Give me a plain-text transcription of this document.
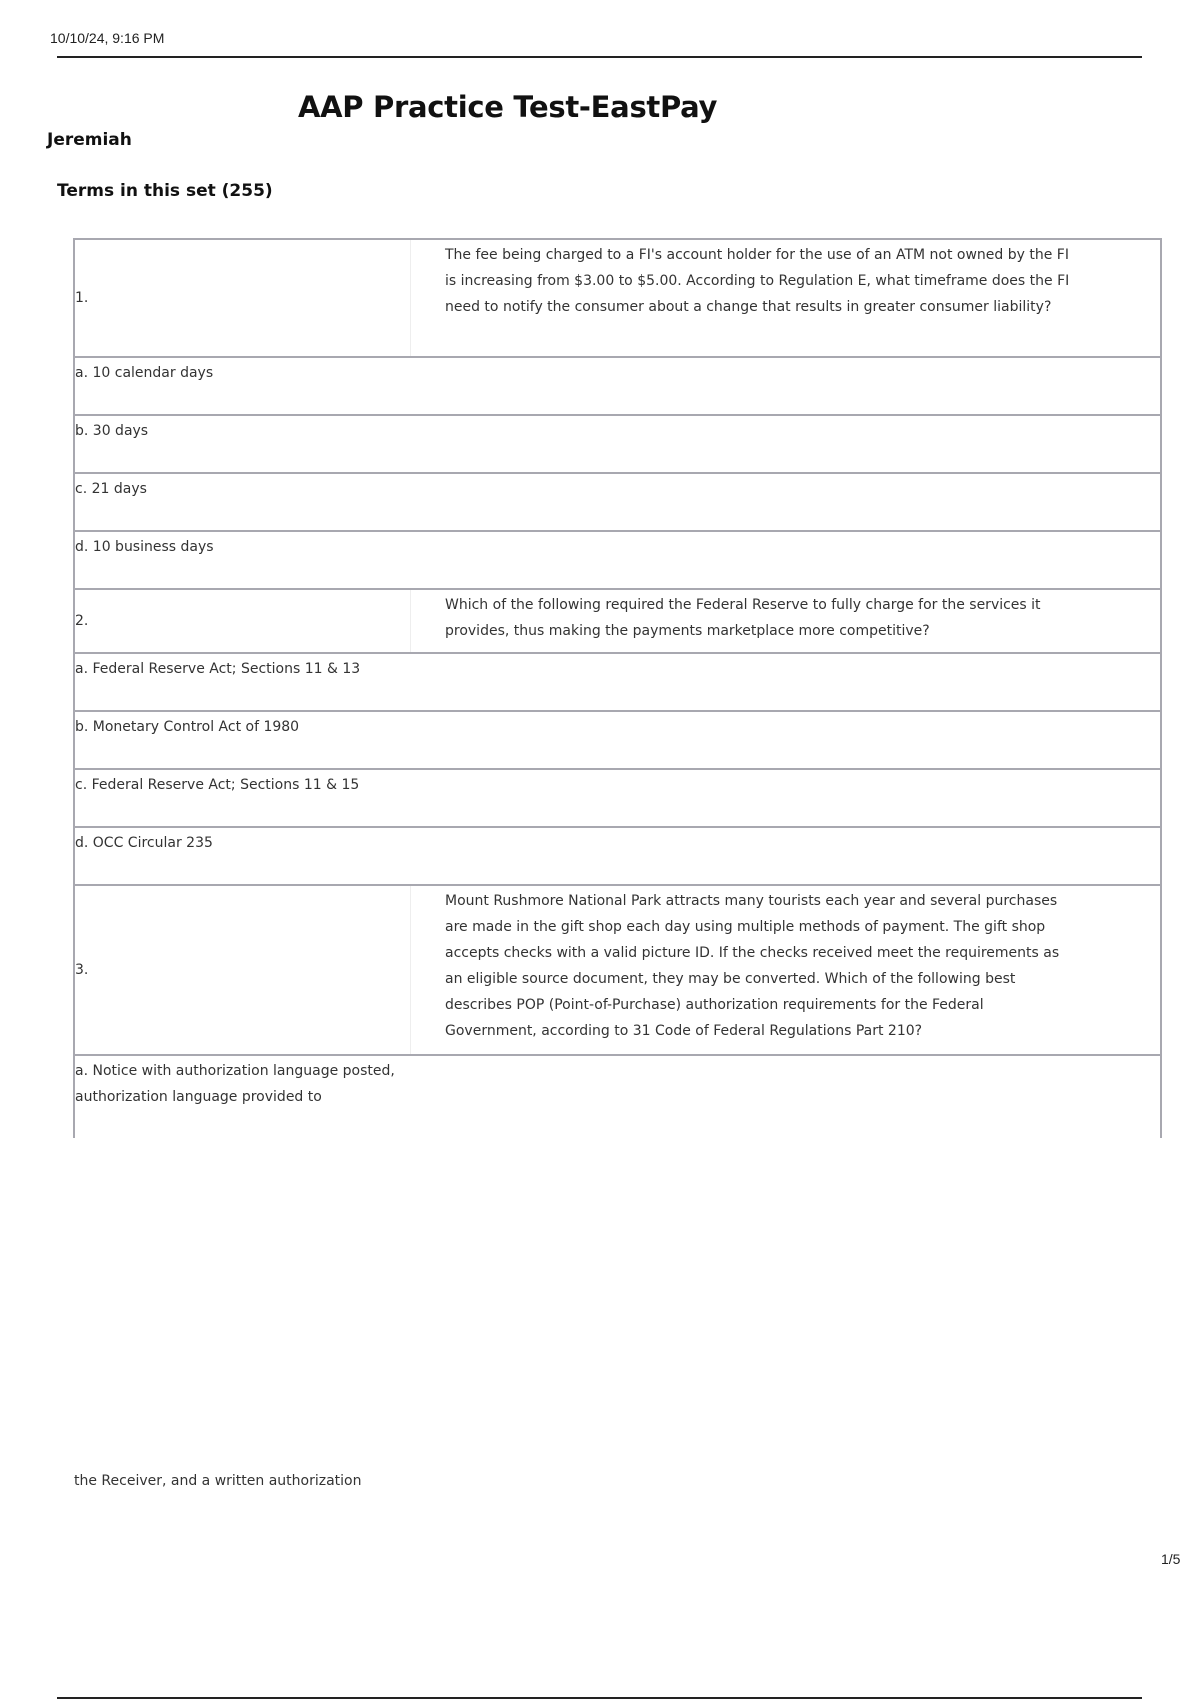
10/10/24, 9:16 PM
AAP Practice Test-EastPay
Jeremiah
Terms in this set (255)
1.
The fee being charged to a FI's account holder for the use of an ATM not owned by the FI is increasing from $3.00 to $5.00. According to Regulation E, what timeframe does the FI need to notify the consumer about a change that results in greater consumer liability?
a. 10 calendar days
b. 30 days
c. 21 days
d. 10 business days
2.
Which of the following required the Federal Reserve to fully charge for the services it provides, thus making the payments marketplace more competitive?
a. Federal Reserve Act; Sections 11 & 13
b. Monetary Control Act of 1980
c. Federal Reserve Act; Sections 11 & 15
d. OCC Circular 235
3.
Mount Rushmore National Park attracts many tourists each year and several purchases are made in the gift shop each day using multiple methods of payment. The gift shop accepts checks with a valid picture ID. If the checks received meet the requirements as an eligible source document, they may be converted. Which of the following best describes POP (Point-of-Purchase) authorization requirements for the Federal Government, according to 31 Code of Federal Regulations Part 210?
a. Notice with authorization language posted, authorization language provided to
the Receiver, and a written authorization
1/5
